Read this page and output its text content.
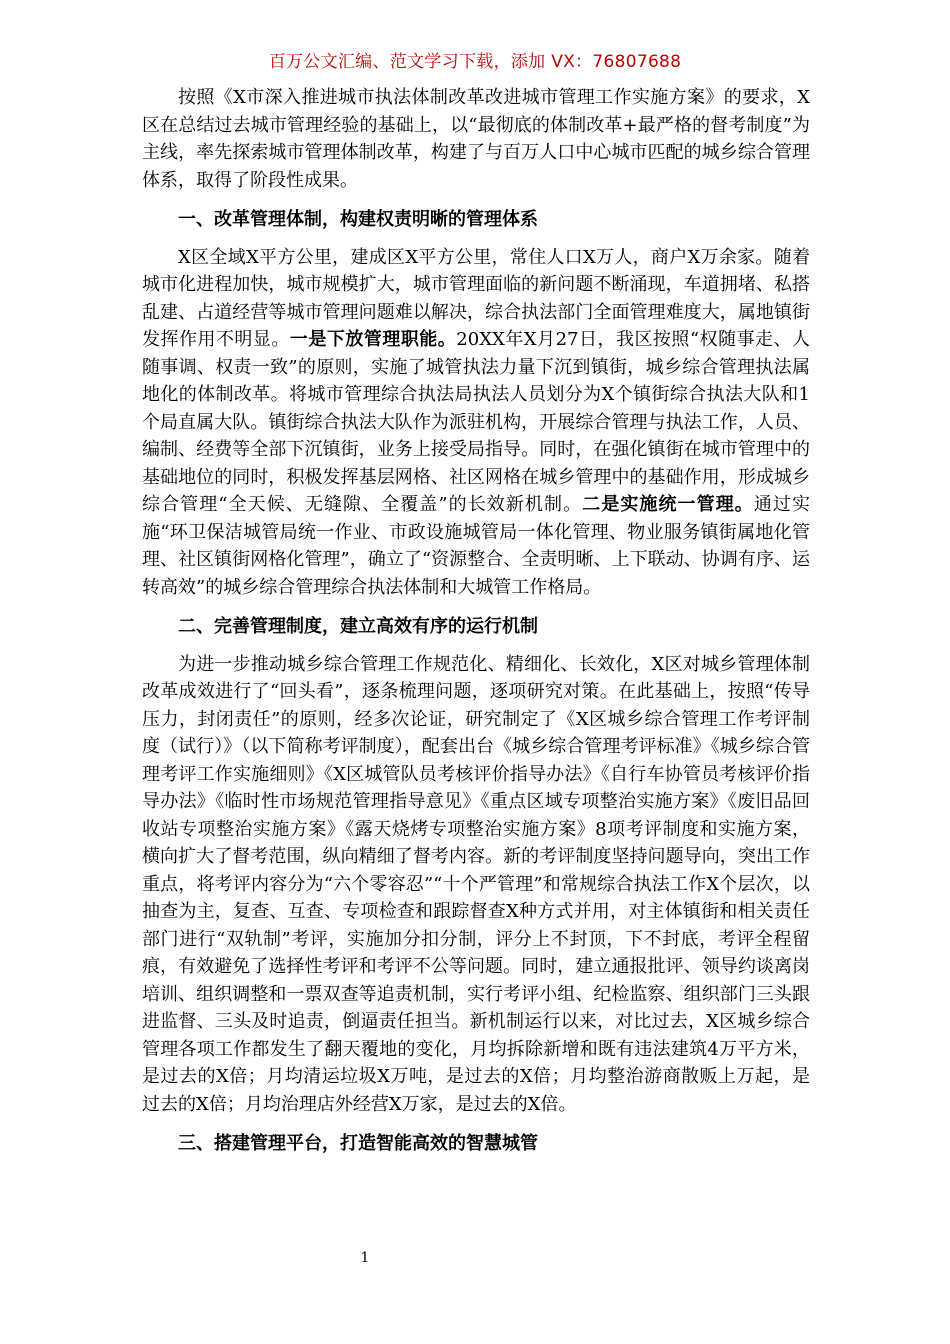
百万公文汇编、范文学习下载，添加 VX：76807688

按照《X市深入推进城市执法体制改革改进城市管理工作实施方案》的要求，X区在总结过去城市管理经验的基础上，以“最彻底的体制改革+最严格的督考制度”为主线，率先探索城市管理体制改革，构建了与百万人口中心城市匹配的城乡综合管理体系，取得了阶段性成果。

一、改革管理体制，构建权责明晰的管理体系

X区全域X平方公里，建成区X平方公里，常住人口X万人，商户X万余家。随着城市化进程加快，城市规模扩大，城市管理面临的新问题不断涌现，车道拥堵、私搭乱建、占道经营等城市管理问题难以解决，综合执法部门全面管理难度大，属地镇街发挥作用不明显。一是下放管理职能。20XX年X月27日，我区按照“权随事走、人随事调、权责一致”的原则，实施了城管执法力量下沉到镇街，城乡综合管理执法属地化的体制改革。将城市管理综合执法局执法人员划分为X个镇街综合执法大队和1个局直属大队。镇街综合执法大队作为派驻机构，开展综合管理与执法工作，人员、编制、经费等全部下沉镇街，业务上接受局指导。同时，在强化镇街在城市管理中的基础地位的同时，积极发挥基层网格、社区网格在城乡管理中的基础作用，形成城乡综合管理“全天候、无缝隙、全覆盖”的长效新机制。二是实施统一管理。通过实施“环卫保洁城管局统一作业、市政设施城管局一体化管理、物业服务镇街属地化管理、社区镇街网格化管理”，确立了“资源整合、全责明晰、上下联动、协调有序、运转高效”的城乡综合管理综合执法体制和大城管工作格局。

二、完善管理制度，建立高效有序的运行机制

为进一步推动城乡综合管理工作规范化、精细化、长效化，X区对城乡管理体制改革成效进行了“回头看”，逐条梳理问题，逐项研究对策。在此基础上，按照“传导压力，封闭责任”的原则，经多次论证，研究制定了《X区城乡综合管理工作考评制度（试行）》（以下简称考评制度），配套出台《城乡综合管理考评标准》《城乡综合管理考评工作实施细则》《X区城管队员考核评价指导办法》《自行车协管员考核评价指导办法》《临时性市场规范管理指导意见》《重点区域专项整治实施方案》《废旧品回收站专项整治实施方案》《露天烧烤专项整治实施方案》8项考评制度和实施方案，横向扩大了督考范围，纵向精细了督考内容。新的考评制度坚持问题导向，突出工作重点，将考评内容分为“六个零容忍”“十个严管理”和常规综合执法工作X个层次，以抽查为主，复查、互查、专项检查和跟踪督查X种方式并用，对主体镇街和相关责任部门进行“双轨制”考评，实施加分扣分制，评分上不封顶，下不封底，考评全程留痕，有效避免了选择性考评和考评不公等问题。同时，建立通报批评、领导约谈离岗培训、组织调整和一票双查等追责机制，实行考评小组、纪检监察、组织部门三头跟进监督、三头及时追责，倒逼责任担当。新机制运行以来，对比过去，X区城乡综合管理各项工作都发生了翻天覆地的变化，月均拆除新增和既有违法建筑4万平方米，是过去的X倍；月均清运垃圾X万吨，是过去的X倍；月均整治游商散贩上万起，是过去的X倍；月均治理店外经营X万家，是过去的X倍。

三、搭建管理平台，打造智能高效的智慧城管
1
